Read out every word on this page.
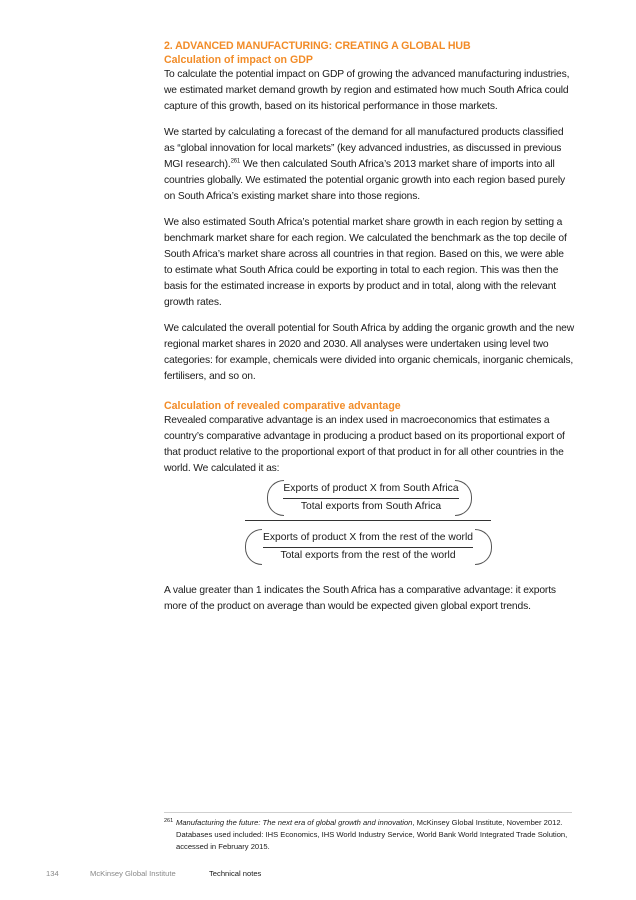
2. ADVANCED MANUFACTURING: CREATING A GLOBAL HUB
Calculation of impact on GDP

To calculate the potential impact on GDP of growing the advanced manufacturing industries, we estimated market demand growth by region and estimated how much South Africa could capture of this growth, based on its historical performance in those markets.

We started by calculating a forecast of the demand for all manufactured products classified as “global innovation for local markets” (key advanced industries, as discussed in previous MGI research).$^{261}$ We then calculated South Africa’s 2013 market share of imports into all countries globally. We estimated the potential organic growth into each region based purely on South Africa’s existing market share into those regions.

We also estimated South Africa’s potential market share growth in each region by setting a benchmark market share for each region. We calculated the benchmark as the top decile of South Africa’s market share across all countries in that region. Based on this, we were able to estimate what South Africa could be exporting in total to each region. This was then the basis for the estimated increase in exports by product and in total, along with the relevant growth rates.

We calculated the overall potential for South Africa by adding the organic growth and the new regional market shares in 2020 and 2030. All analyses were undertaken using level two categories: for example, chemicals were divided into organic chemicals, inorganic chemicals, fertilisers, and so on.

Calculation of revealed comparative advantage

Revealed comparative advantage is an index used in macroeconomics that estimates a country’s comparative advantage in producing a product based on its proportional export of that product relative to the proportional export of that product in for all other countries in the world. We calculated it as:

Exports of product X from South Africa
Total exports from South Africa
Exports of product X from the rest of the world
Total exports from the rest of the world

A value greater than 1 indicates the South Africa has a comparative advantage: it exports more of the product on average than would be expected given global export trends.

261 Manufacturing the future: The next era of global growth and innovation, McKinsey Global Institute, November 2012. Databases used included: IHS Economics, IHS World Industry Service, World Bank World Integrated Trade Solution, accessed in February 2015.
134	McKinsey Global Institute	Technical notes
